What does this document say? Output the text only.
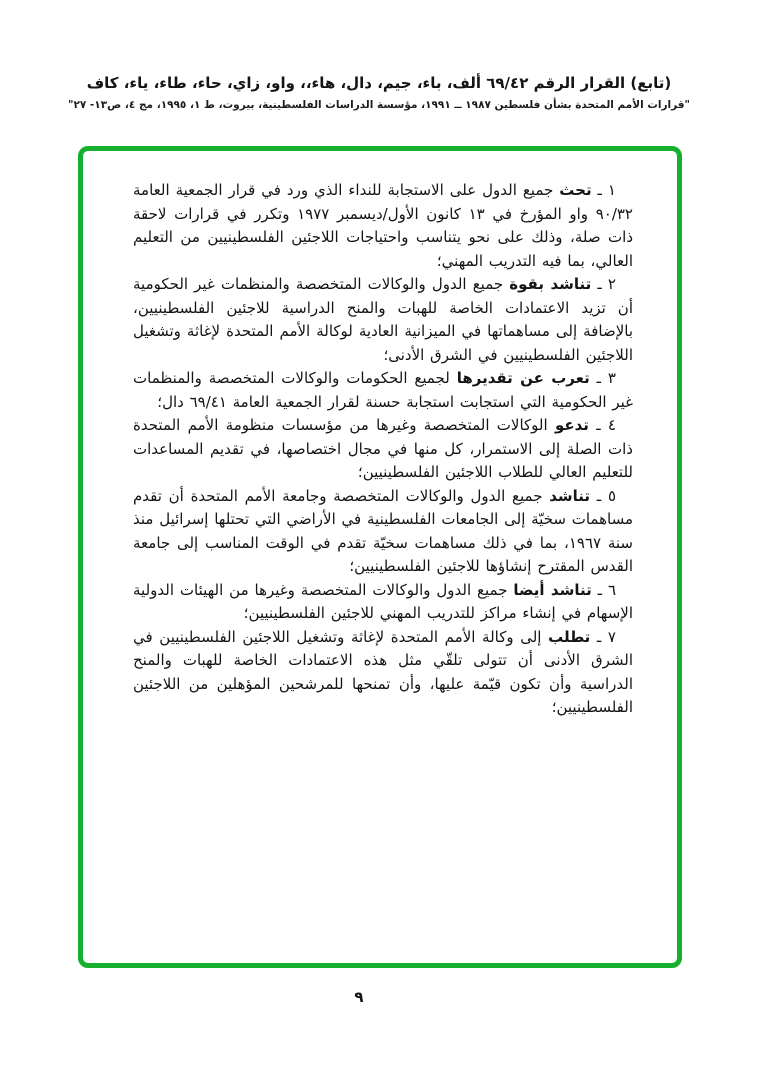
(تابع) القرار الرقم ٦٩/٤٢ ألف، باء، جيم، دال، هاء،، واو، زاي، حاء، طاء، ياء، كاف
"قرارات الأمم المتحدة بشأن فلسطين ١٩٨٧ ــ ١٩٩١، مؤسسة الدراسات الفلسطينية، بيروت، ط ١، ١٩٩٥، مج ٤، ص١٣- ٢٧"

١ ـ تحث جميع الدول على الاستجابة للنداء الذي ورد في قرار الجمعية العامة ٩٠/٣٢ واو المؤرخ في ١٣ كانون الأول/ديسمبر ١٩٧٧ وتكرر في قرارات لاحقة ذات صلة، وذلك على نحو يتناسب واحتياجات اللاجئين الفلسطينيين من التعليم العالي، بما فيه التدريب المهني؛

٢ ـ تناشد بقوة جميع الدول والوكالات المتخصصة والمنظمات غير الحكومية أن تزيد الاعتمادات الخاصة للهبات والمنح الدراسية للاجئين الفلسطينيين، بالإضافة إلى مساهماتها في الميزانية العادية لوكالة الأمم المتحدة لإغاثة وتشغيل اللاجئين الفلسطينيين في الشرق الأدنى؛

٣ ـ تعرب عن تقديرها لجميع الحكومات والوكالات المتخصصة والمنظمات غير الحكومية التي استجابت استجابة حسنة لقرار الجمعية العامة ٦٩/٤١ دال؛

٤ ـ تدعو الوكالات المتخصصة وغيرها من مؤسسات منظومة الأمم المتحدة ذات الصلة إلى الاستمرار، كل منها في مجال اختصاصها، في تقديم المساعدات للتعليم العالي للطلاب اللاجئين الفلسطينيين؛

٥ ـ تناشد جميع الدول والوكالات المتخصصة وجامعة الأمم المتحدة أن تقدم مساهمات سخيّة إلى الجامعات الفلسطينية في الأراضي التي تحتلها إسرائيل منذ سنة ١٩٦٧، بما في ذلك مساهمات سخيّة تقدم في الوقت المناسب إلى جامعة القدس المقترح إنشاؤها للاجئين الفلسطينيين؛

٦ ـ تناشد أيضا جميع الدول والوكالات المتخصصة وغيرها من الهيئات الدولية الإسهام في إنشاء مراكز للتدريب المهني للاجئين الفلسطينيين؛

٧ ـ تطلب إلى وكالة الأمم المتحدة لإغاثة وتشغيل اللاجئين الفلسطينيين في الشرق الأدنى أن تتولى تلقّي مثل هذه الاعتمادات الخاصة للهبات والمنح الدراسية وأن تكون قيّمة عليها، وأن تمنحها للمرشحين المؤهلين من اللاجئين الفلسطينيين؛

٩
